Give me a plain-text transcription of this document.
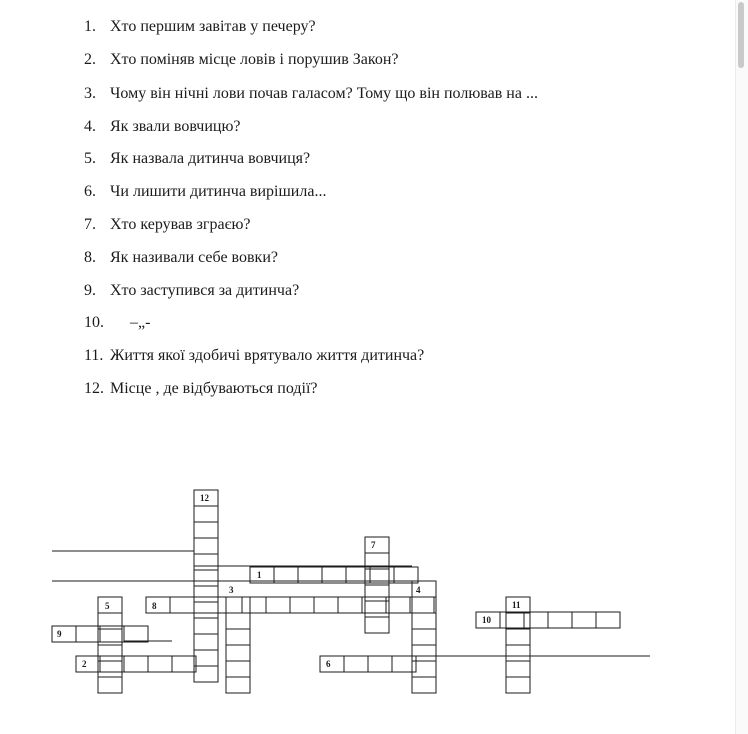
1. Хто першим завітав у печеру?
2. Хто поміняв місце ловів і порушив Закон?
3. Чому він нічні лови почав галасом? Тому що він полював на ...
4. Як звали вовчицю?
5. Як назвала дитинча вовчиця?
6. Чи лишити дитинча вирішила...
7. Хто керував зграєю?
8. Як називали себе вовки?
9. Хто заступився за дитинча?
10. –„-
11. Життя якої здобичі врятувало життя дитинча?
12. Місце , де відбуваються події?
12
7
1
3
5	8
4
11
10
9
2	6
